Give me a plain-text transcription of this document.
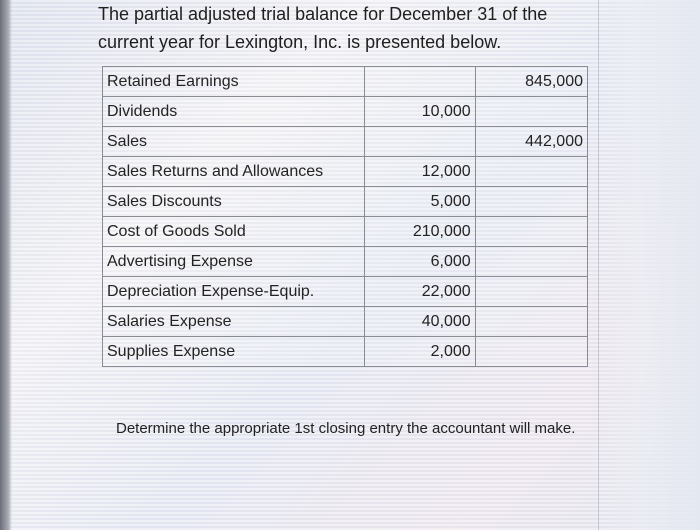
The partial adjusted trial balance for December 31 of the current year for Lexington, Inc. is presented below.

Retained Earnings		845,000
Dividends	10,000	
Sales		442,000
Sales Returns and Allowances	12,000	
Sales Discounts	5,000	
Cost of Goods Sold	210,000	
Advertising Expense	6,000	
Depreciation Expense-Equip.	22,000	
Salaries Expense	40,000	
Supplies Expense	2,000	

Determine the appropriate 1st closing entry the accountant will make.
